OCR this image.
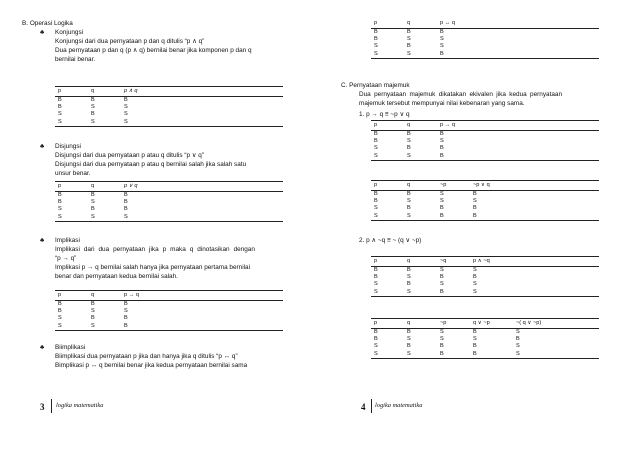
B. Operasi Logika
♣ Konjungsi
Konjungsi dari dua pernyataan p dan q ditulis “p ∧ q”
Dua pernyataan p dan q (p ∧ q) bernilai benar jika komponen p dan q
bernilai benar.
p	q	p ∧ q
B	B	B
B	S	S
S	B	S
S	S	S
♣ Disjungsi
Disjungsi dari dua pernyataan p atau q ditulis “p ∨ q”
Disjungsi dari dua pernyataan p atau q bernilai salah jika salah satu
unsur benar.
p	q	p ∨ q
B	B	B
B	S	B
S	B	B
S	S	S
♣ Implikasi
Implikasi dari dua pernyataan jika p maka q dinotasikan dengan
“p → q”
Implikasi p → q bernilai salah hanya jika pernyataan pertama bernilai
benar dan pernyataan kedua bernilai salah.
p	q	p → q
B	B	B
B	S	S
S	B	B
S	S	B
♣ Biimplikasi
Biimplikasi dua pernyataan p jika dan hanya jika q ditulis “p ↔ q”
Bimplikasi p ↔ q bernilai benar jika kedua pernyataan bernilai sama
3 logika matematika
p	q	p ↔ q
B	B	B
B	S	S
S	B	S
S	S	B
C. Pernyataan majemuk
Dua pernyataan majemuk dikatakan ekivalen jika kedua pernyataan
majemuk tersebut mempunyai nilai kebenaran yang sama.
1. p → q ≡ ~p ∨ q
p	q	p → q
B	B	B
B	S	S
S	B	B
S	S	B
p	q	~p	~p ∨ q
B	B	S	B
B	S	S	S
S	B	B	B
S	S	B	B
2. p ∧ ~q ≡ ~ (q ∨ ~p)
p	q	~q	p ∧ ~q
B	B	S	S
B	S	B	B
S	B	S	S
S	S	B	S
p	q	~p	q ∨ ~p	~( q ∨ ~p)
B	B	S	B	S
B	S	S	S	B
S	B	B	B	S
S	S	B	B	S
4 logika matematika
